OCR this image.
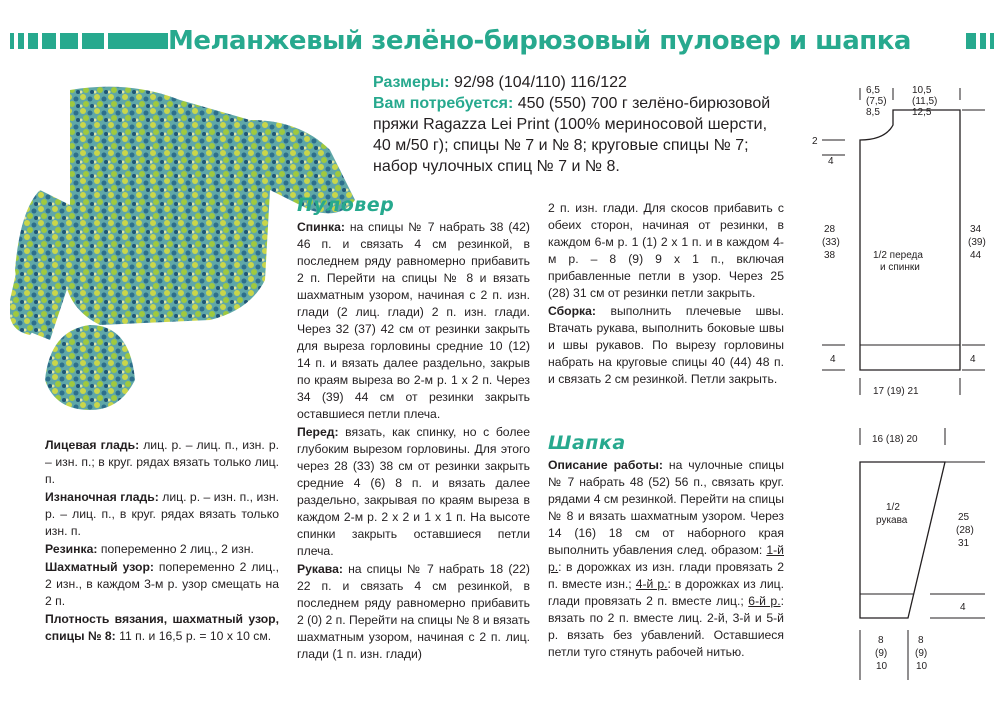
Меланжевый зелёно-бирюзовый пуловер и шапка
Размеры: 92/98 (104/110) 116/122
Вам потребуется: 450 (550) 700 г зелёно-бирюзовой пряжи Ragazza Lei Print (100% мериносовой шерсти, 40 м/50 г); спицы № 7 и № 8; круговые спицы № 7; набор чулочных спиц № 7 и № 8.

Лицевая гладь: лиц. р. – лиц. п., изн. р. – изн. п.; в круг. рядах вязать только лиц. п.

Изнаночная гладь: лиц. р. – изн. п., изн. р. – лиц. п., в круг. рядах вязать только изн. п.

Резинка: попеременно 2 лиц., 2 изн.

Шахматный узор: попеременно 2 лиц., 2 изн., в каждом 3-м р. узор смещать на 2 п.

Плотность вязания, шахматный узор, спицы № 8: 11 п. и 16,5 р. = 10 х 10 см.

Пуловер

Спинка: на спицы № 7 набрать 38 (42) 46 п. и связать 4 см резинкой, в последнем ряду равномерно прибавить 2 п. Перейти на спицы № 8 и вязать шахматным узором, начиная с 2 п. изн. глади (2 лиц. глади) 2 п. изн. глади. Через 32 (37) 42 см от резинки закрыть для выреза горловины средние 10 (12) 14 п. и вязать далее раздельно, закрыв по краям выреза во 2-м р. 1 х 2 п. Через 34 (39) 44 см от резинки закрыть оставшиеся петли плеча.

Перед: вязать, как спинку, но с более глубоким вырезом горловины. Для этого через 28 (33) 38 см от резинки закрыть средние 4 (6) 8 п. и вязать далее раздельно, закрывая по краям выреза в каждом 2-м р. 2 х 2 и 1 х 1 п. На высоте спинки закрыть оставшиеся петли плеча.

Рукава: на спицы № 7 набрать 18 (22) 22 п. и связать 4 см резинкой, в последнем ряду равномерно прибавить 2 (0) 2 п. Перейти на спицы № 8 и вязать шахматным узором, начиная с 2 п. лиц. глади (1 п. изн. глади)

2 п. изн. глади. Для скосов прибавить с обеих сторон, начиная от резинки, в каждом 6-м р. 1 (1) 2 х 1 п. и в каждом 4-м р. – 8 (9) 9 х 1 п., включая прибавленные петли в узор. Через 25 (28) 31 см от резинки петли закрыть.

Сборка: выполнить плечевые швы. Втачать рукава, выполнить боковые швы и швы рукавов. По вырезу горловины набрать на круговые спицы 40 (44) 48 п. и связать 2 см резинкой. Петли закрыть.

Шапка

Описание работы: на чулочные спицы № 7 набрать 48 (52) 56 п., связать круг. рядами 4 см резинкой. Перейти на спицы № 8 и вязать шахматным узором. Через 14 (16) 18 см от наборного края выполнить убавления след. образом: 1-й р.: в дорожках из изн. глади провязать 2 п. вместе изн.; 4-й р.: в дорожках из лиц. глади провязать 2 п. вместе лиц.; 6-й р.: вязать по 2 п. вместе лиц. 2-й, 3-й и 5-й р. вязать без убавлений. Оставшиеся петли туго стянуть рабочей нитью.

6,5
(7,5)
8,5
10,5
(11,5)
12,5
2
4
28
(33)
38
34
(39)
44
1/2 переда
и спинки
4	4
17 (19) 21
16 (18) 20
1/2
рукава	25
(28)
31
4
8
(9)
10
8
(9)
10
